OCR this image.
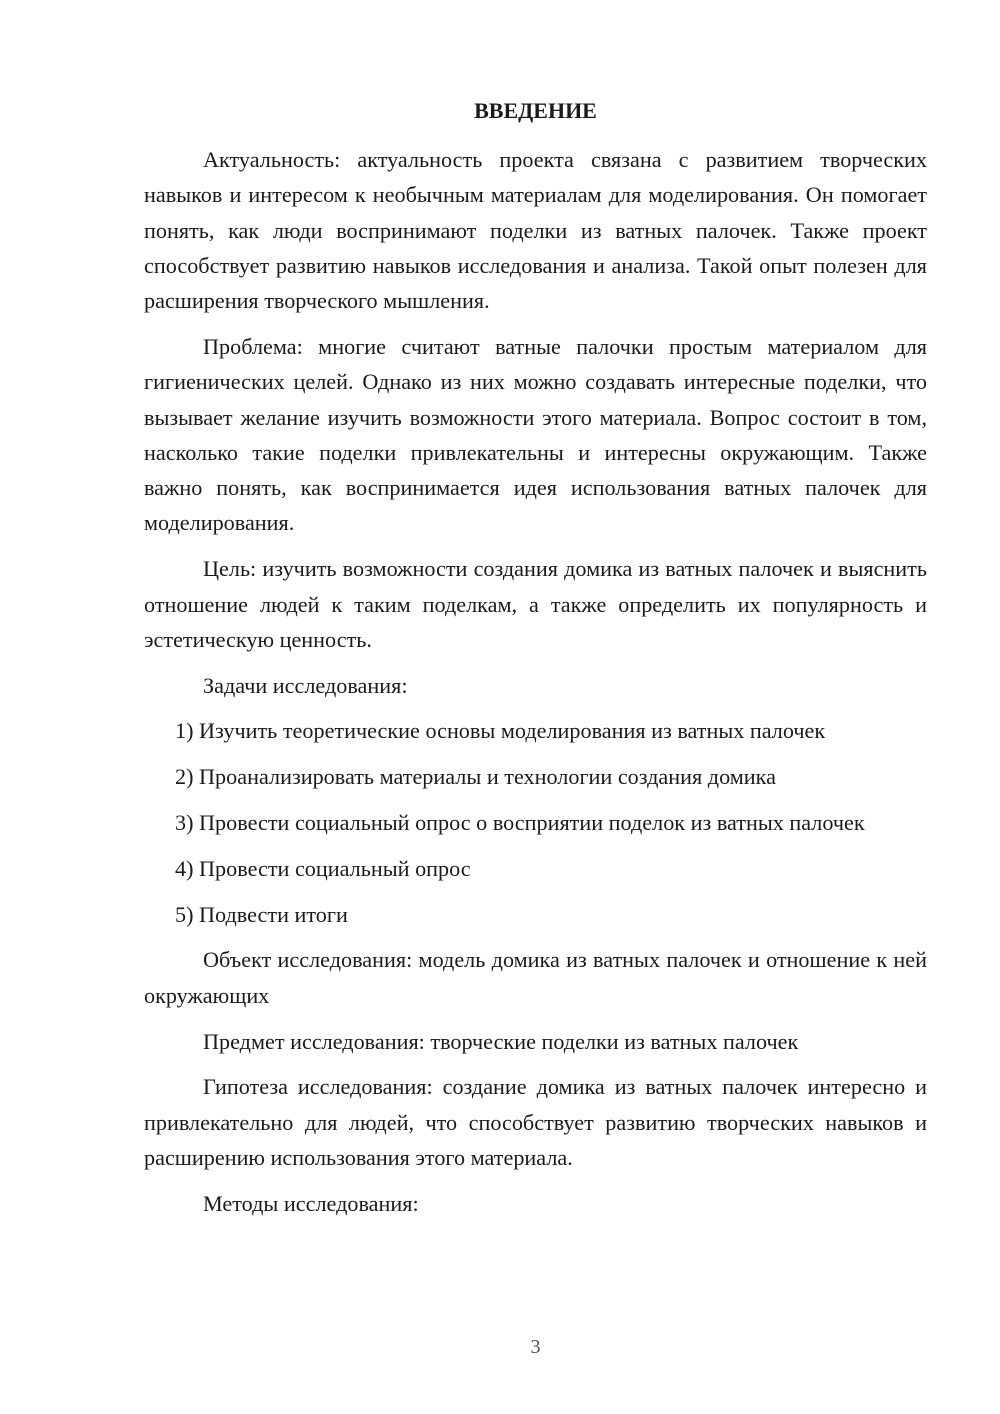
ВВЕДЕНИЕ

Актуальность: актуальность проекта связана с развитием творческих навыков и интересом к необычным материалам для моделирования. Он помогает понять, как люди воспринимают поделки из ватных палочек. Также проект способствует развитию навыков исследования и анализа. Такой опыт полезен для расширения творческого мышления.

Проблема: многие считают ватные палочки простым материалом для гигиенических целей. Однако из них можно создавать интересные поделки, что вызывает желание изучить возможности этого материала. Вопрос состоит в том, насколько такие поделки привлекательны и интересны окружающим. Также важно понять, как воспринимается идея использования ватных палочек для моделирования.

Цель: изучить возможности создания домика из ватных палочек и выяснить отношение людей к таким поделкам, а также определить их популярность и эстетическую ценность.

Задачи исследования:

1) Изучить теоретические основы моделирования из ватных палочек

2) Проанализировать материалы и технологии создания домика

3) Провести социальный опрос о восприятии поделок из ватных палочек

4) Провести социальный опрос

5) Подвести итоги

Объект исследования: модель домика из ватных палочек и отношение к ней окружающих

Предмет исследования: творческие поделки из ватных палочек

Гипотеза исследования: создание домика из ватных палочек интересно и привлекательно для людей, что способствует развитию творческих навыков и расширению использования этого материала.

Методы исследования:

3
